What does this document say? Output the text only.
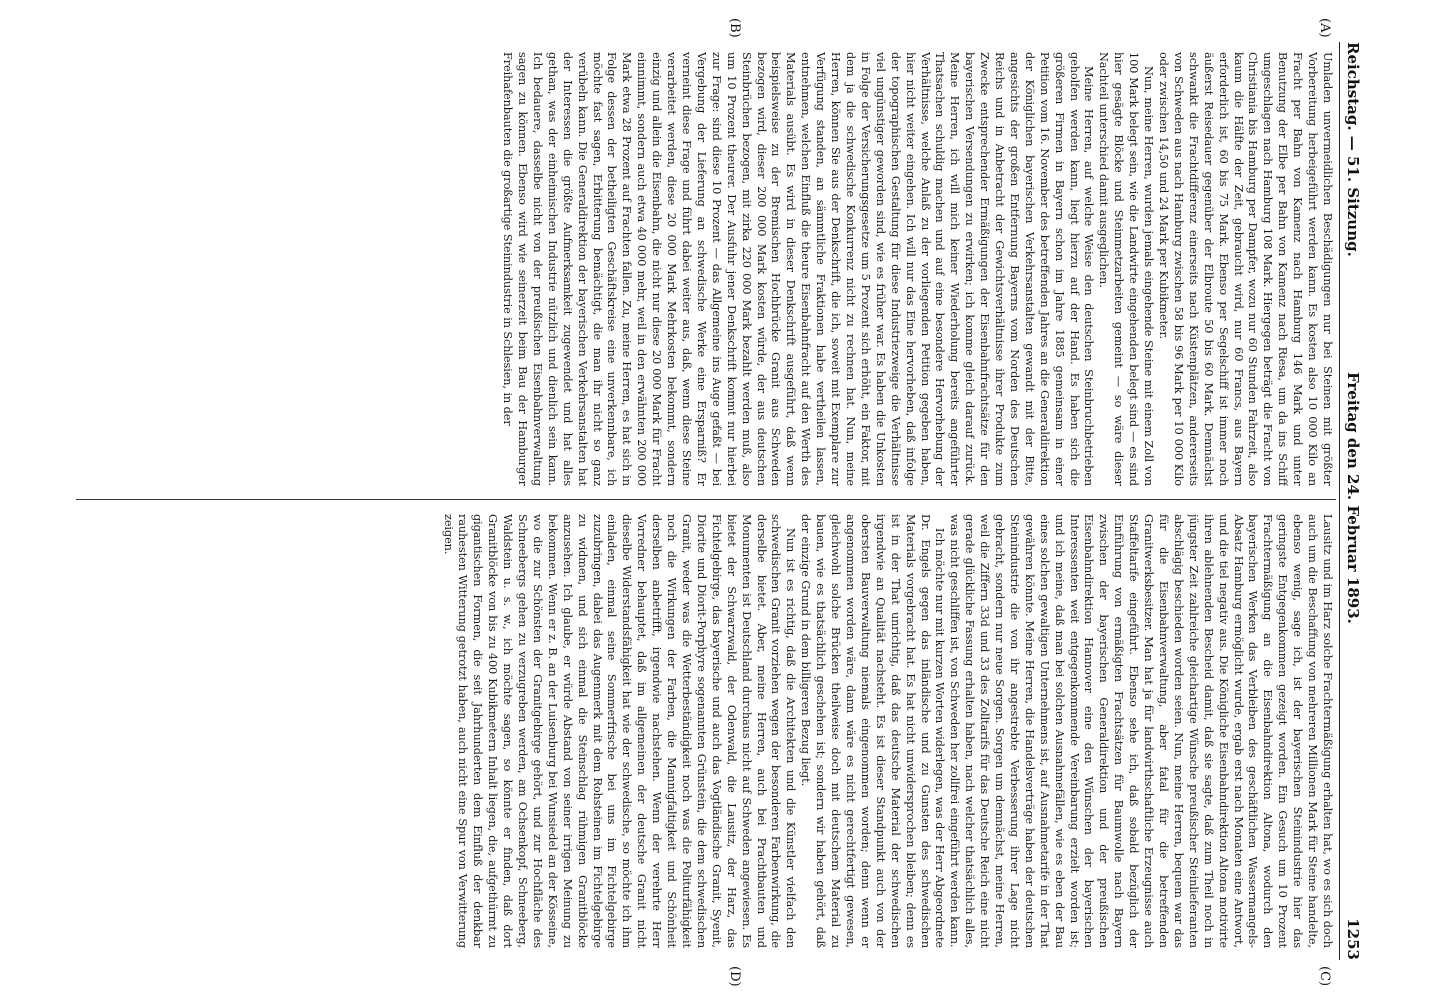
Reichstag. — 51. Sitzung.
Freitag den 24. Februar 1893.
1253
(A)
(B)
(C)
(D)

Umladen unvermeidlichen Beschädigungen nur bei Steinen mit größter Vorbereitung herbeigeführt werden kann. Es kosten also 10 000 Kilo an Fracht per Bahn von Kamenz nach Hamburg 146 Mark und unter Benutzung der Elbe per Bahn von Kamenz nach Riesa, um da ins Schiff umgeschlagen nach Hamburg 108 Mark. Hiergegen beträgt die Fracht von Christiania bis Hamburg per Dampfer, wozu nur 60 Stunden Fahrzeit, also kaum die Hälfte der Zeit, gebraucht wird, nur 60 Francs, aus Bayern erforderlich ist, 60 bis 75 Mark. Ebenso per Segelschiff ist immer noch äußerst Reisedauer gegenüber der Elbroute 50 bis 60 Mark. Demnächst schwankt die Frachtdifferenz einerseits nach Küstenplätzen, andererseits von Schweden aus nach Hamburg zwischen 58 bis 96 Mark per 10 000 Kilo oder zwischen 14,50 und 24 Mark per Kubikmeter.

Nun, meine Herren, wurden jemals eingehende Steine mit einem Zoll von 100 Mark belegt sein, wie die Landwirte eingehenden belegt sind — es sind hier gesägte Blöcke und Steinmetzarbeiten gemeint — so wäre dieser Nachteil unterschied damit ausgeglichen.

Meine Herren, auf welche Weise den deutschen Steinbruchbetrieben geholfen werden kann, liegt hierzu auf der Hand. Es haben sich die größeren Firmen in Bayern schon im Jahre 1885 gemeinsam in einer Petition vom 16. November des betreffenden Jahres an die Generaldirektion der Königlichen bayerischen Verkehrsanstalten gewandt mit der Bitte, angesichts der großen Entfernung Bayerns vom Norden des Deutschen Reichs und in Anbetracht der Gewichtsverhältnisse ihrer Produkte zum Zwecke entsprechender Ermäßigungen der Eisenbahnfrachtsätze für den bayerischen Versendungen zu erwirken; ich komme gleich darauf zurück. Meine Herren, ich will mich keiner Wiederholung bereits angeführter Thatsachen schuldig machen und auf eine besondere Hervorhebung der Verhältnisse, welche Anlaß zu der vorliegenden Petition gegeben haben, hier nicht weiter eingehen. Ich will nur das Eine hervorheben, daß infolge der topographischen Gestaltung für diese Industriezweige die Verhältnisse viel ungünstiger geworden sind, wie es früher war. Es haben die Unkosten in Folge der Versicherungsgesetze um 5 Prozent sich erhöht, ein Faktor, mit dem ja die schwedische Konkurrenz nicht zu rechnen hat. Nun, meine Herren, können Sie aus der Denkschrift, die ich, soweit mit Exemplare zur Verfügung standen, an sämmtliche Fraktionen habe vertheilen lassen, entnehmen, welchen Einfluß die theure Eisenbahnfracht auf den Werth des Materials ausübt. Es wird in dieser Denkschrift ausgeführt, daß wenn beispielsweise zu der Bremischen Hochbrücke Granit aus Schweden bezogen wird, dieser 200 000 Mark kosten würde, der aus deutschen Steinbrüchen bezogen, mit zirka 220 000 Mark bezahlt werden muß, also um 10 Prozent theurer. Der Ausfuhr jener Denkschrift kommt nur hierbei zur Frage: sind diese 10 Prozent — das Allgemeine ins Auge gefaßt — bei Vergebung der Lieferung an schwedische Werke eine Ersparniß? Er verneint diese Frage und führt dabei weiter aus, daß, wenn diese Steine verarbeitet werden, diese 20 000 Mark Mehrkosten bekommt, sondern einzig und allein die Eisenbahn, die nicht nur diese 20 000 Mark für Fracht einnimmt, sondern auch etwa 40 000 mehr, weil in den erwähnten 200 000 Mark etwa 28 Prozent auf Frachten fallen. Zu, meine Herren, es hat sich in Folge dessen der betheiligten Geschäftskreise eine unverkennbare, ich möchte fast sagen, Erbitterung bemächtigt, die man ihr nicht so ganz verübeln kann. Die Generaldirektion der bayerischen Verkehrsanstalten hat der Interessen die größte Aufmerksamkeit zugewendet und hat alles gethan, was der einheimischen Industrie nützlich und dienlich sein kann. Ich bedauere, dasselbe nicht von der preußischen Eisenbahnverwaltung sagen zu können. Ebenso wird wie seinerzeit beim Bau der Hamburger Freihafenbauten die großartige Steinindustrie in Schlesien, in der

Lausitz und im Harz solche Frachtermäßigung erhalten hat, wo es sich doch auch um die Beschaffung von mehreren Millionen Mark für Steine handelte, ebenso wenig, sage ich, ist der bayerischen Steinindustrie hier das geringste Entgegenkommen gezeigt worden. Ein Gesuch um 10 Prozent Frachtermäßigung an die Eisenbahndirektion Altona, wodurch den bayerischen Werken das Verbleiben des geschäftlichen Wassermangels-Absatz Hamburg ermöglicht wurde, ergab erst nach Monaten eine Antwort, und die tiel negativ aus. Die Königliche Eisenbahndirektion Altona motivirte ihren ablehnenden Bescheid damit, daß sie sagte, daß zum Theil noch in jüngster Zeit zahlreiche gleichartige Wünsche preußischer Steinlieferanten abschlägig beschieden worden seien. Nun, meine Herren, bequem war das für die Eisenbahnverwaltung, aber fatal für die betreffenden Granitwerksbesitzer. Man hat ja für landwirthschaftliche Erzeugnisse auch Staffeltarife eingeführt. Ebenso sehe ich, daß sobald bezüglich der Einführung von ermäßigten Frachtsätzen für Baumwolle nach Bayern zwischen der bayerischen Generaldirektion und der preußischen Eisenbahndirektion Hannover eine den Wünschen der bayerischen Interessenten weit entgegenkommende Vereinbarung erzielt worden ist; und ich meine, daß man bei solchen Ausnahmefällen, wie es eben der Bau eines solchen gewaltigen Unternehmens ist, auf Ausnahmetarife in der That gewähren könnte. Meine Herren, die Handelsverträge haben der deutschen Steinindustrie die von ihr angestrebte Verbesserung ihrer Lage nicht gebracht, sondern nur neue Sorgen. Sorgen um demnächst, meine Herren, weil die Ziffern 33d und 33 des Zolltarifs für das Deutsche Reich eine nicht gerade glückliche Fassung erhalten haben, nach welcher thatsächlich alles, was nicht geschliffen ist, von Schweden her zollfrei eingeführt werden kann.

Ich möchte nur mit kurzen Worten widerlegen, was der Herr Abgeordnete Dr. Engels gegen das inländische und zu Gunsten des schwedischen Materials vorgebracht hat. Es hat nicht unwidersprochen bleiben; denn es ist in der That unrichtig, daß das deutsche Material der schwedischen irgendwie an Qualität nachsteht. Es ist dieser Standpunkt auch von der obersten Bauverwaltung niemals eingenommen worden; denn wenn er angenommen worden wäre, dann wäre es nicht gerechtfertigt gewesen, gleichwohl solche Brücken theilweise doch mit deutschem Material zu bauen, wie es thatsächlich geschehen ist; sondern wir haben gehört, daß der einzige Grund in dem billigeren Bezug liegt.

Nun ist es richtig, daß die Architekten und die Künstler vielfach den schwedischen Granit vorziehen wegen der besonderen Farbenwirkung, die derselbe bietet. Aber, meine Herren, auch bei Prachtbauten und Monumenten ist Deutschland durchaus nicht auf Schweden angewiesen. Es bietet der Schwarzwald, der Odenwald, die Lausitz, der Harz, das Fichtelgebirge, das bayerische und auch das Vogtländische Granit, Syenit, Diorite und Diorit-Porphyre sogenannten Grünstein, die dem schwedischen Granit, weder was die Wetterbeständigkeit noch was die Politurfähigkeit noch die Wirkungen der Farben, die Mannigfaltigkeit und Schönheit derselben anbetrifft, irgendwie nachstehen. Wenn der verehrte Herr Vorredner behauptet, daß im allgemeinen der deutsche Granit nicht dieselbe Widerstandsfähigkeit hat wie der schwedische, so möchte ich ihm einladen, einmal seine Sommerfrische bei uns im Fichtelgebirge zuzubringen, dabei das Augenmerk mit dem Rohsteinen im Fichtelgebirge zu widmen, und sich einmal die Steinschlag rühmigen Granitblöcke anzusehen. Ich glaube, er würde Abstand von seiner irrigen Meinung zu bekommen. Wenn er z. B. an der Luisenburg bei Wunsiedel an der Kösseine, wo die zur Schönsten der Granitgebirge gehört, und zur Hochfläche des Schneebergs gehen zu verzugreben werden, am Ochsenkopf, Schneeberg, Waldstein u. s. w., ich möchte sagen, so könnte er finden, daß dort Granitblöcke von bis zu 400 Kubikmetern Inhalt liegen, die, aufgethürmt zu gigantischen Formen, die seit Jahrhunderten dem Einfluß der denkbar rauhesten Witterung getrotzt haben, auch nicht eine Spur von Verwitterung zeigen.
